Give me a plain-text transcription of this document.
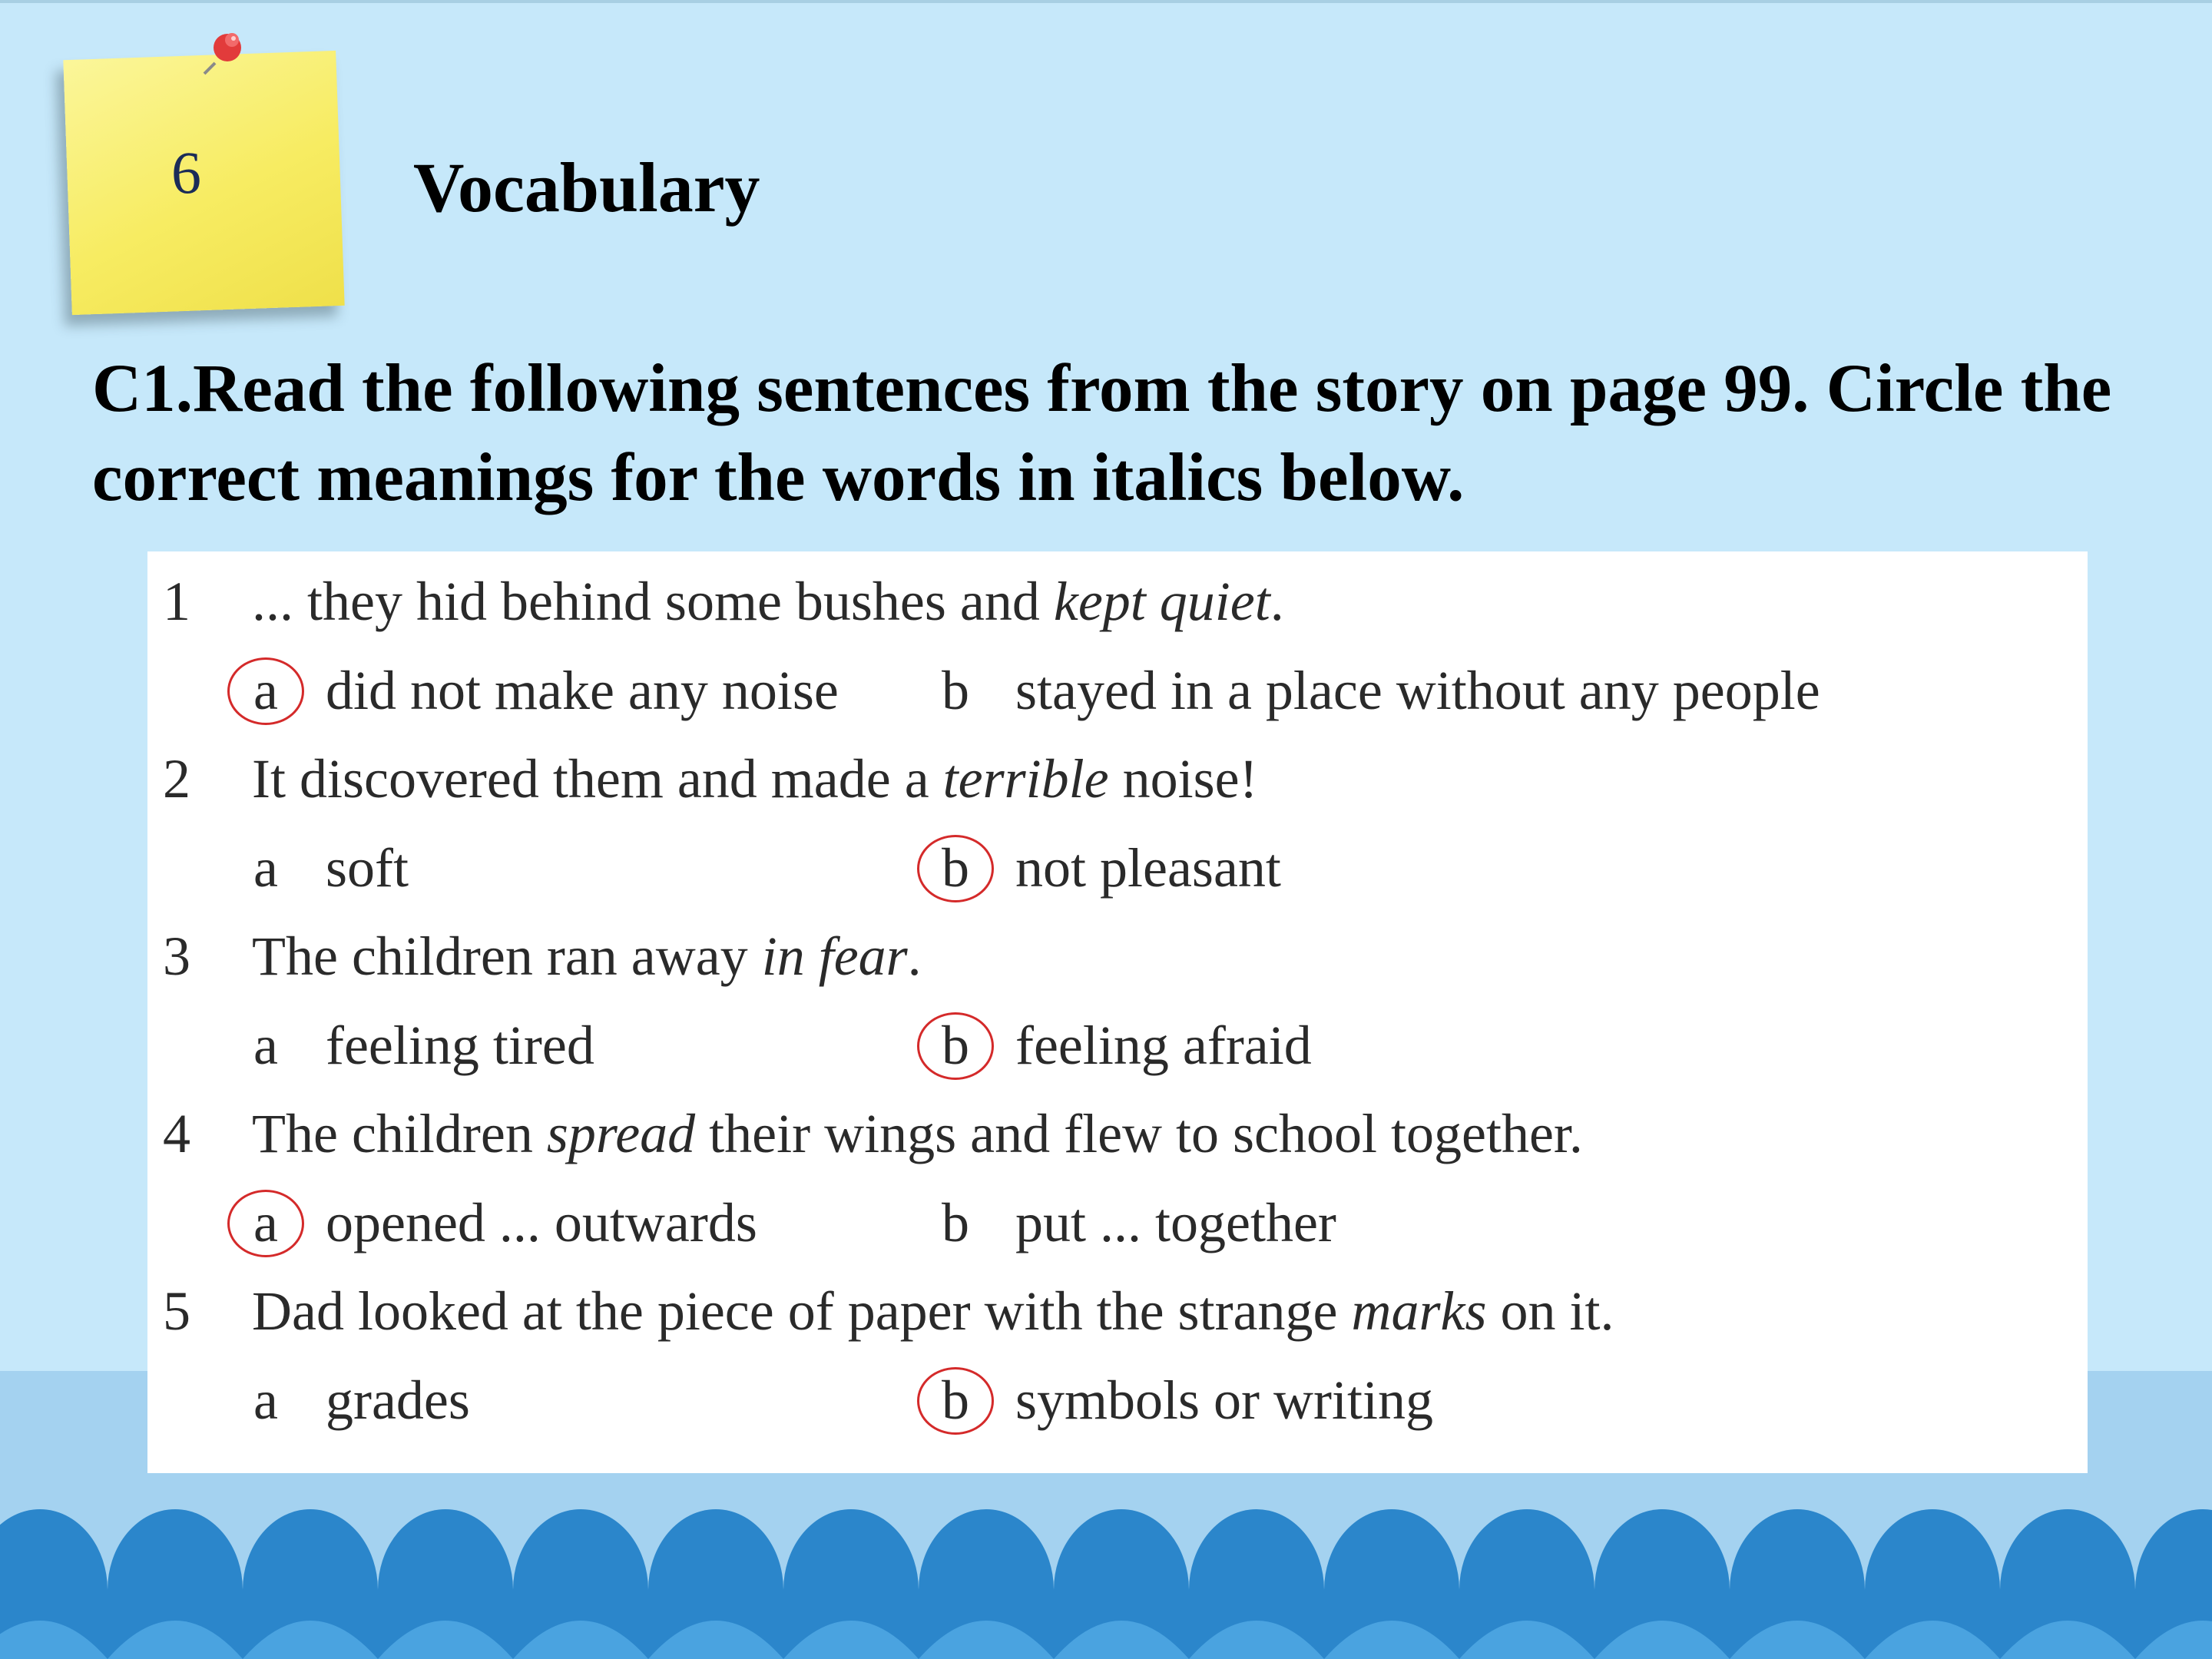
6	Vocabulary
C1.Read the following sentences from the story on page 99. Circle the correct meanings for the words in italics below.
1 ... they hid behind some bushes and kept quiet.
a did not make any noise	b stayed in a place without any people
2 It discovered them and made a terrible noise!
a soft	b not pleasant
3 The children ran away in fear.
a feeling tired	b feeling afraid
4 The children spread their wings and flew to school together.
a opened ... outwards	b put ... together
5 Dad looked at the piece of paper with the strange marks on it.
a grades	b symbols or writing
